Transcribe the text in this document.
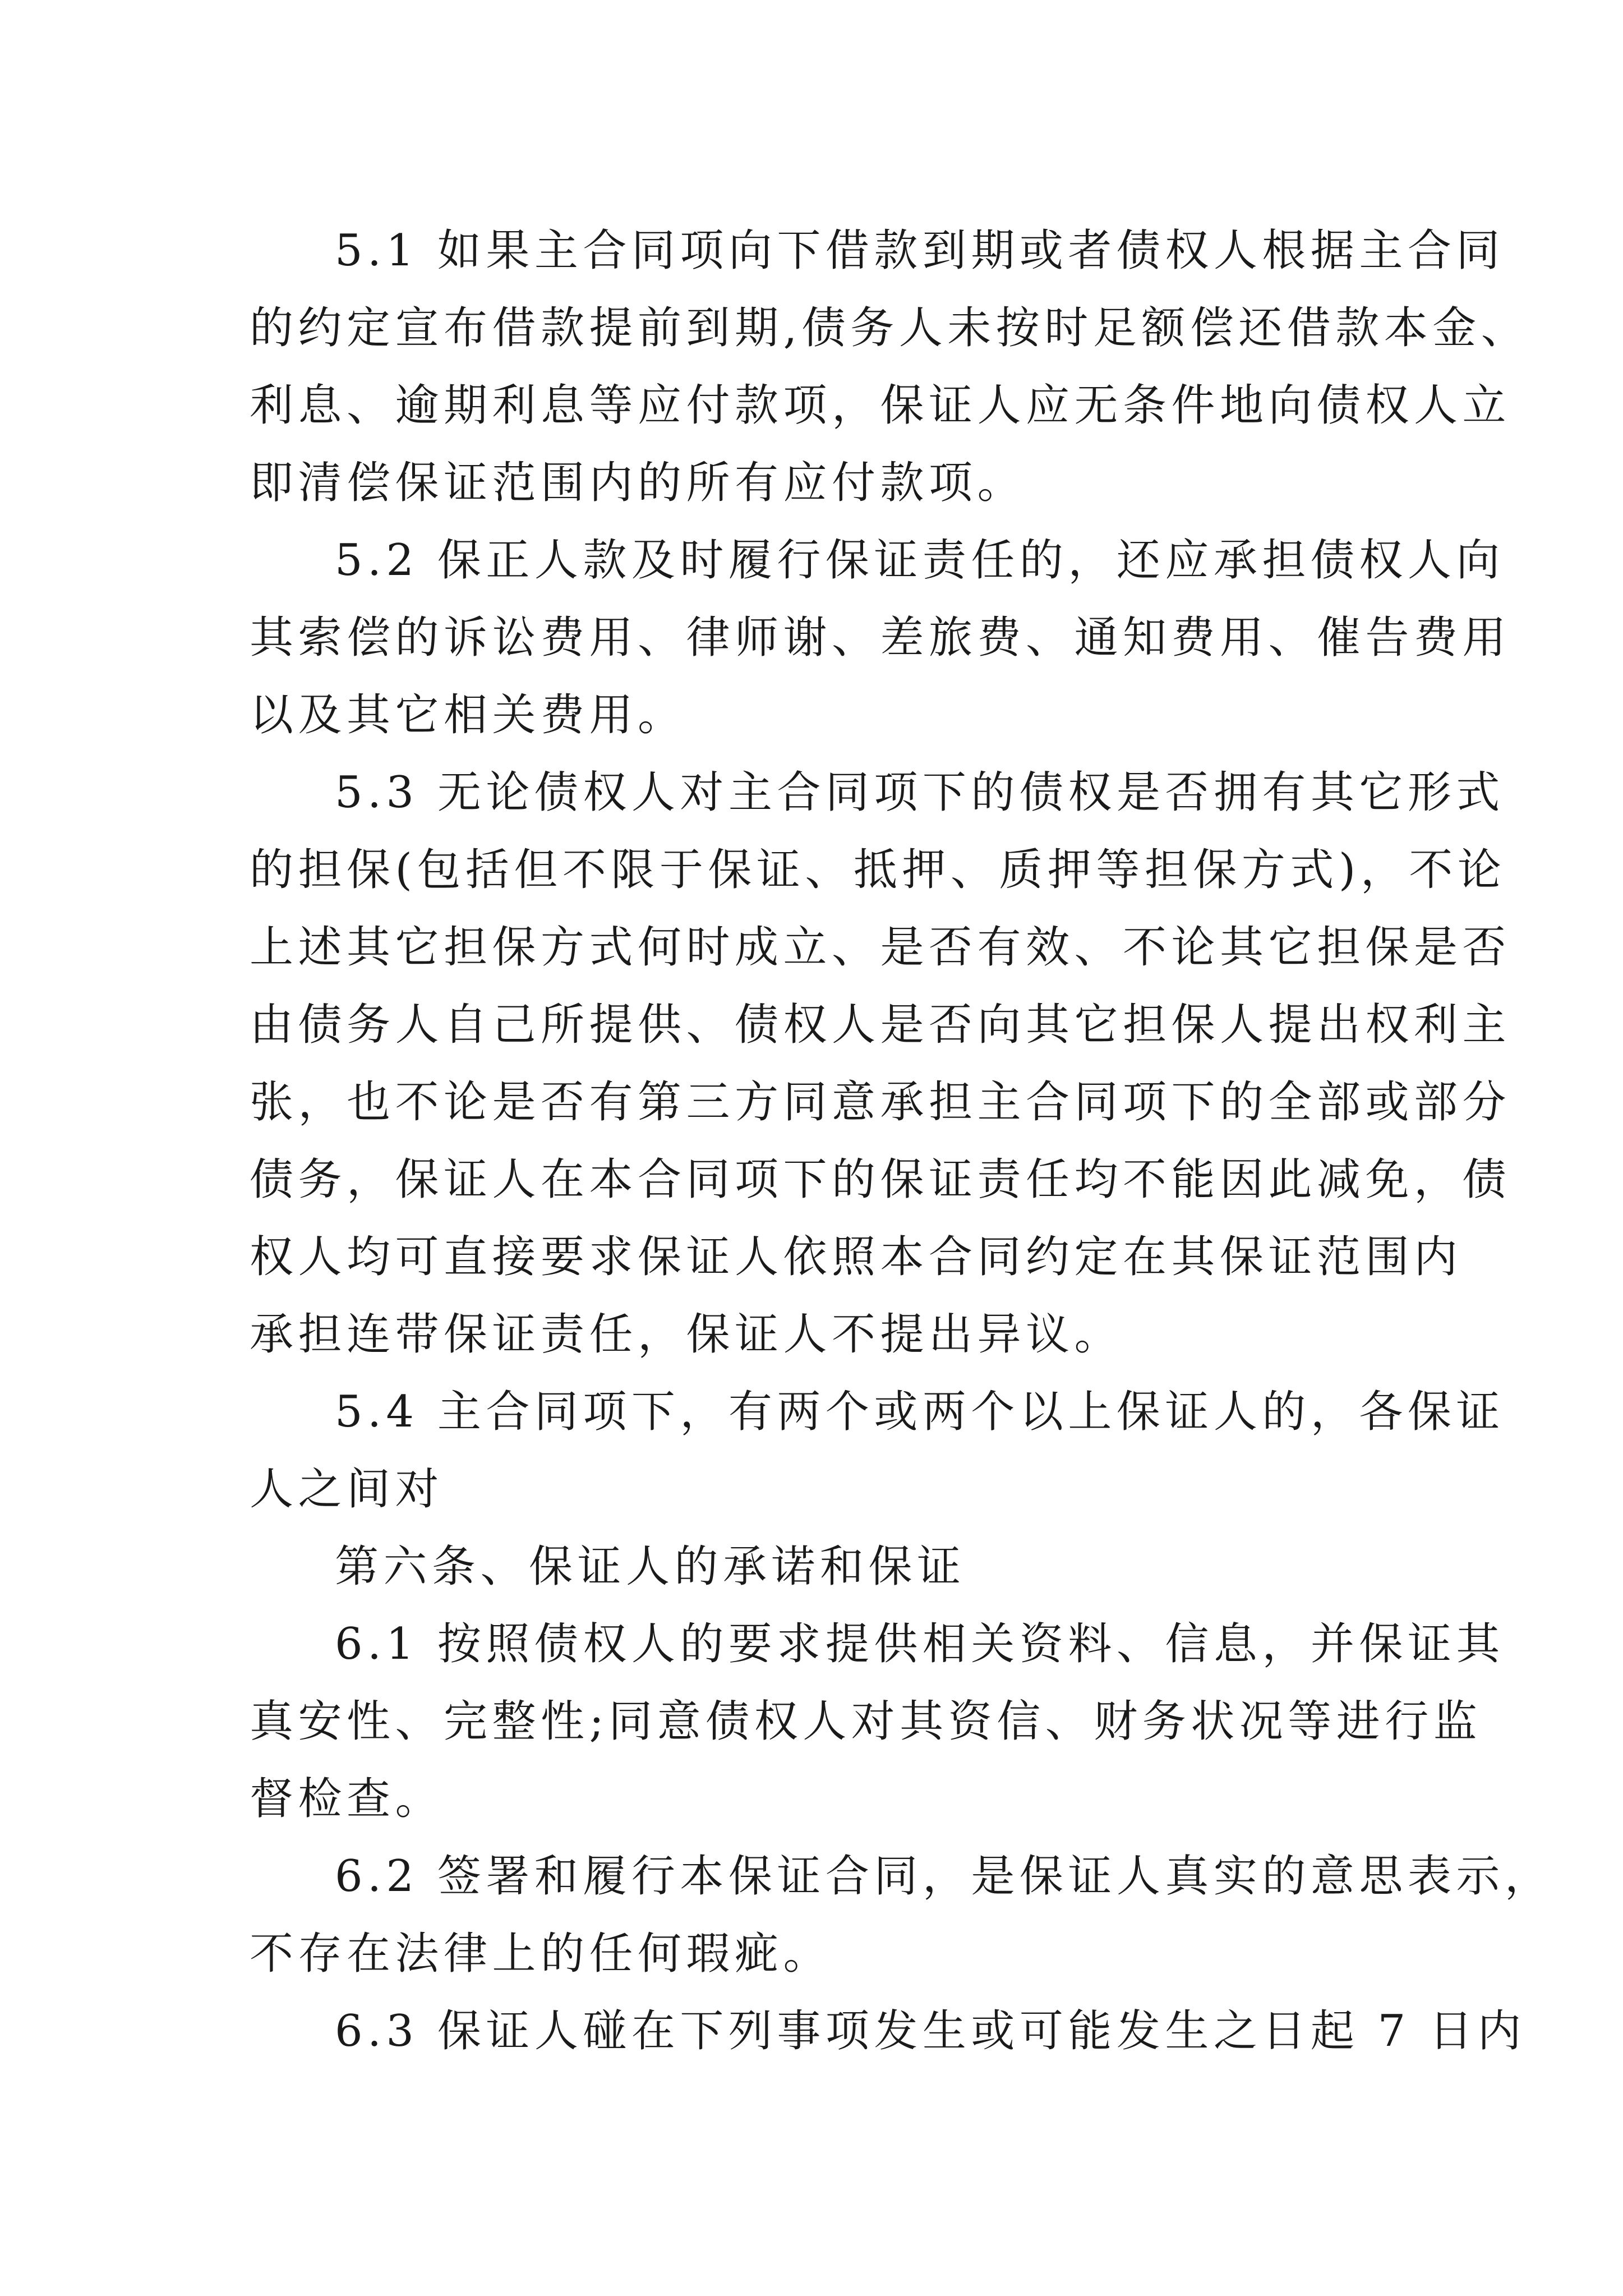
5.1 如果主合同项向下借款到期或者债权人根据主合同
的约定宣布借款提前到期,债务人未按时足额偿还借款本金、
利息、逾期利息等应付款项，保证人应无条件地向债权人立
即清偿保证范围内的所有应付款项。
5.2 保正人款及时履行保证责任的，还应承担债权人向
其索偿的诉讼费用、律师谢、差旅费、通知费用、催告费用
以及其它相关费用。
5.3 无论债权人对主合同项下的债权是否拥有其它形式
的担保(包括但不限于保证、抵押、质押等担保方式)，不论
上述其它担保方式何时成立、是否有效、不论其它担保是否
由债务人自己所提供、债权人是否向其它担保人提出权利主
张，也不论是否有第三方同意承担主合同项下的全部或部分
债务，保证人在本合同项下的保证责任均不能因此减免，债
权人均可直接要求保证人依照本合同约定在其保证范围内
承担连带保证责任，保证人不提出异议。
5.4 主合同项下，有两个或两个以上保证人的，各保证
人之间对
第六条、保证人的承诺和保证
6.1 按照债权人的要求提供相关资料、信息，并保证其
真安性、完整性;同意债权人对其资信、财务状况等进行监
督检查。
6.2 签署和履行本保证合同，是保证人真实的意思表示，
不存在法律上的任何瑕疵。
6.3 保证人碰在下列事项发生或可能发生之日起 7 日内
